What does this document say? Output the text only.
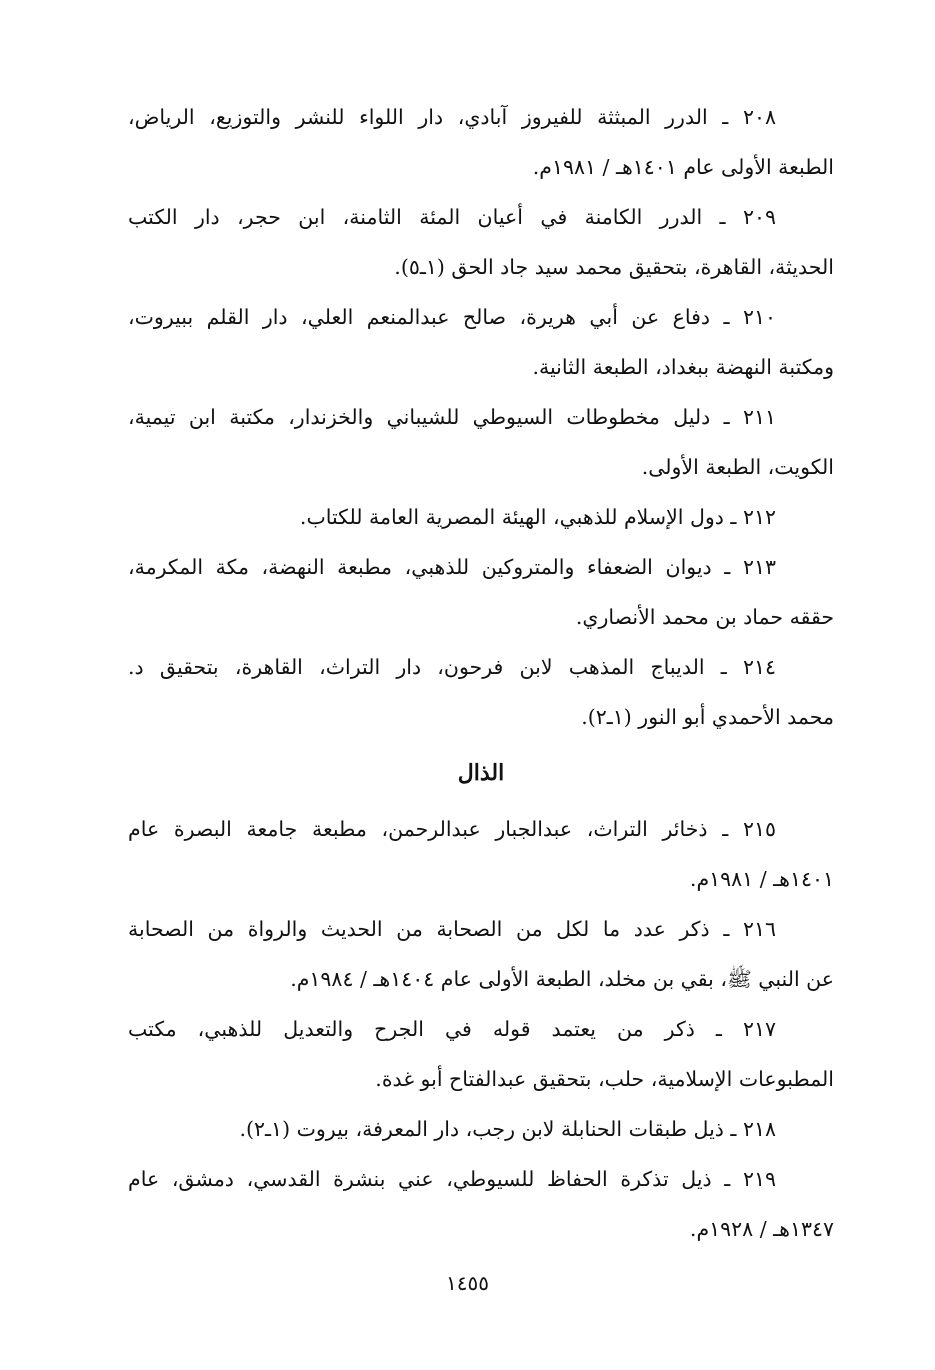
٢٠٨ ـ الدرر المبثثة للفيروز آبادي، دار اللواء للنشر والتوزيع، الرياض،
الطبعة الأولى عام ١٤٠١هـ / ١٩٨١م.

٢٠٩ ـ الدرر الكامنة في أعيان المئة الثامنة، ابن حجر، دار الكتب
الحديثة، القاهرة، بتحقيق محمد سيد جاد الحق (١ـ٥).

٢١٠ ـ دفاع عن أبي هريرة، صالح عبدالمنعم العلي، دار القلم ببيروت،
ومكتبة النهضة ببغداد، الطبعة الثانية.

٢١١ ـ دليل مخطوطات السيوطي للشيباني والخزندار، مكتبة ابن تيمية،
الكويت، الطبعة الأولى.

٢١٢ ـ دول الإسلام للذهبي، الهيئة المصرية العامة للكتاب.

٢١٣ ـ ديوان الضعفاء والمتروكين للذهبي، مطبعة النهضة، مكة المكرمة،
حققه حماد بن محمد الأنصاري.

٢١٤ ـ الديباج المذهب لابن فرحون، دار التراث، القاهرة، بتحقيق د.
محمد الأحمدي أبو النور (١ـ٢).

الذال

٢١٥ ـ ذخائر التراث، عبدالجبار عبدالرحمن، مطبعة جامعة البصرة عام
١٤٠١هـ / ١٩٨١م.

٢١٦ ـ ذكر عدد ما لكل من الصحابة من الحديث والرواة من الصحابة
عن النبي ﷺ، بقي بن مخلد، الطبعة الأولى عام ١٤٠٤هـ / ١٩٨٤م.

٢١٧ ـ ذكر من يعتمد قوله في الجرح والتعديل للذهبي، مكتب
المطبوعات الإسلامية، حلب، بتحقيق عبدالفتاح أبو غدة.

٢١٨ ـ ذيل طبقات الحنابلة لابن رجب، دار المعرفة، بيروت (١ـ٢).

٢١٩ ـ ذيل تذكرة الحفاظ للسيوطي، عني بنشرة القدسي، دمشق، عام
١٣٤٧هـ / ١٩٢٨م.

١٤٥٥
